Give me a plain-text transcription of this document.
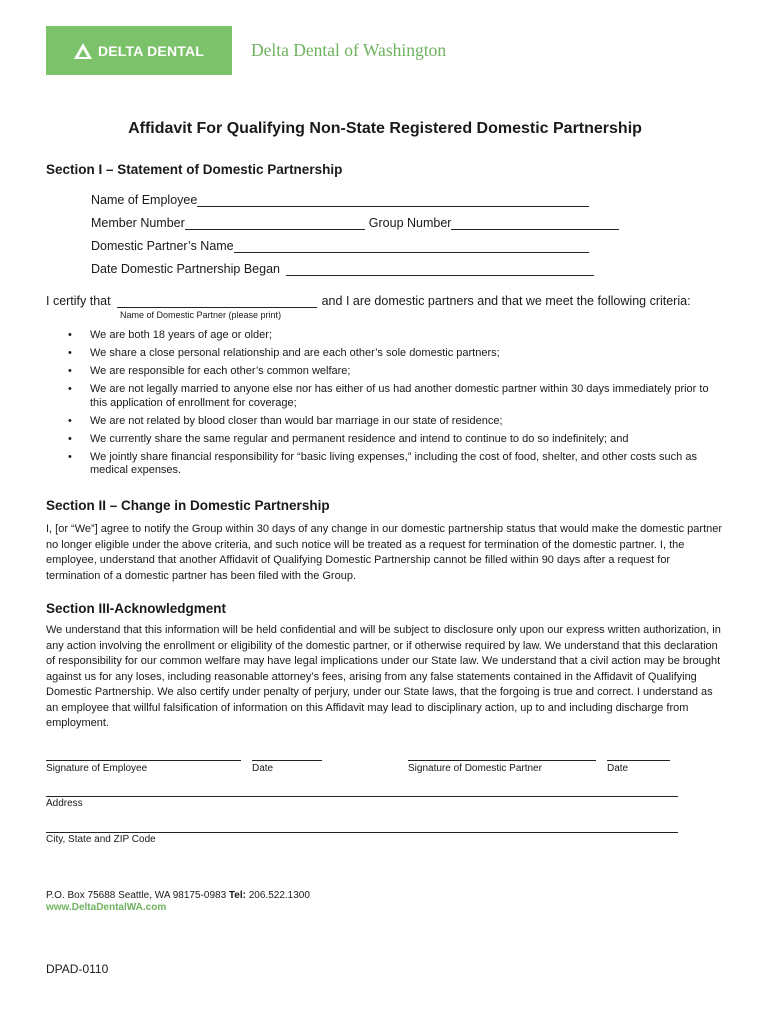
DELTA DENTAL	Delta Dental of Washington
Affidavit For Qualifying Non-State Registered Domestic Partnership
Section I – Statement of Domestic Partnership
Name of Employee
Member Number	Group Number
Domestic Partner’s Name
Date Domestic Partnership Began
I certify that	and I are domestic partners and that we meet the following criteria:
Name of Domestic Partner (please print)
• We are both 18 years of age or older;
• We share a close personal relationship and are each other’s sole domestic partners;
• We are responsible for each other’s common welfare;
• We are not legally married to anyone else nor has either of us had another domestic partner within 30 days immediately prior to this application of enrollment for coverage;
• We are not related by blood closer than would bar marriage in our state of residence;
• We currently share the same regular and permanent residence and intend to continue to do so indefinitely; and
• We jointly share financial responsibility for “basic living expenses,” including the cost of food, shelter, and other costs such as medical expenses.
Section II – Change in Domestic Partnership
I, [or “We”] agree to notify the Group within 30 days of any change in our domestic partnership status that would make the domestic partner no longer eligible under the above criteria, and such notice will be treated as a request for termination of the domestic partner. I, the employee, understand that another Affidavit of Qualifying Domestic Partnership cannot be filled within 90 days after a request for termination of a domestic partner has been filed with the Group.
Section III-Acknowledgment
We understand that this information will be held confidential and will be subject to disclosure only upon our express written authorization, in any action involving the enrollment or eligibility of the domestic partner, or if otherwise required by law. We understand that this declaration of responsibility for our common welfare may have legal implications under our State law. We understand that a civil action may be brought against us for any loses, including reasonable attorney’s fees, arising from any false statements contained in the Affidavit of Qualifying Domestic Partnership. We also certify under penalty of perjury, under our State laws, that the forgoing is true and correct. I understand as an employee that willful falsification of information on this Affidavit may lead to disciplinary action, up to and including discharge from employment.
Signature of Employee	Date	Signature of Domestic Partner	Date
Address
City, State and ZIP Code
P.O. Box 75688 Seattle, WA 98175-0983 Tel: 206.522.1300
www.DeltaDentalWA.com
DPAD-0110
